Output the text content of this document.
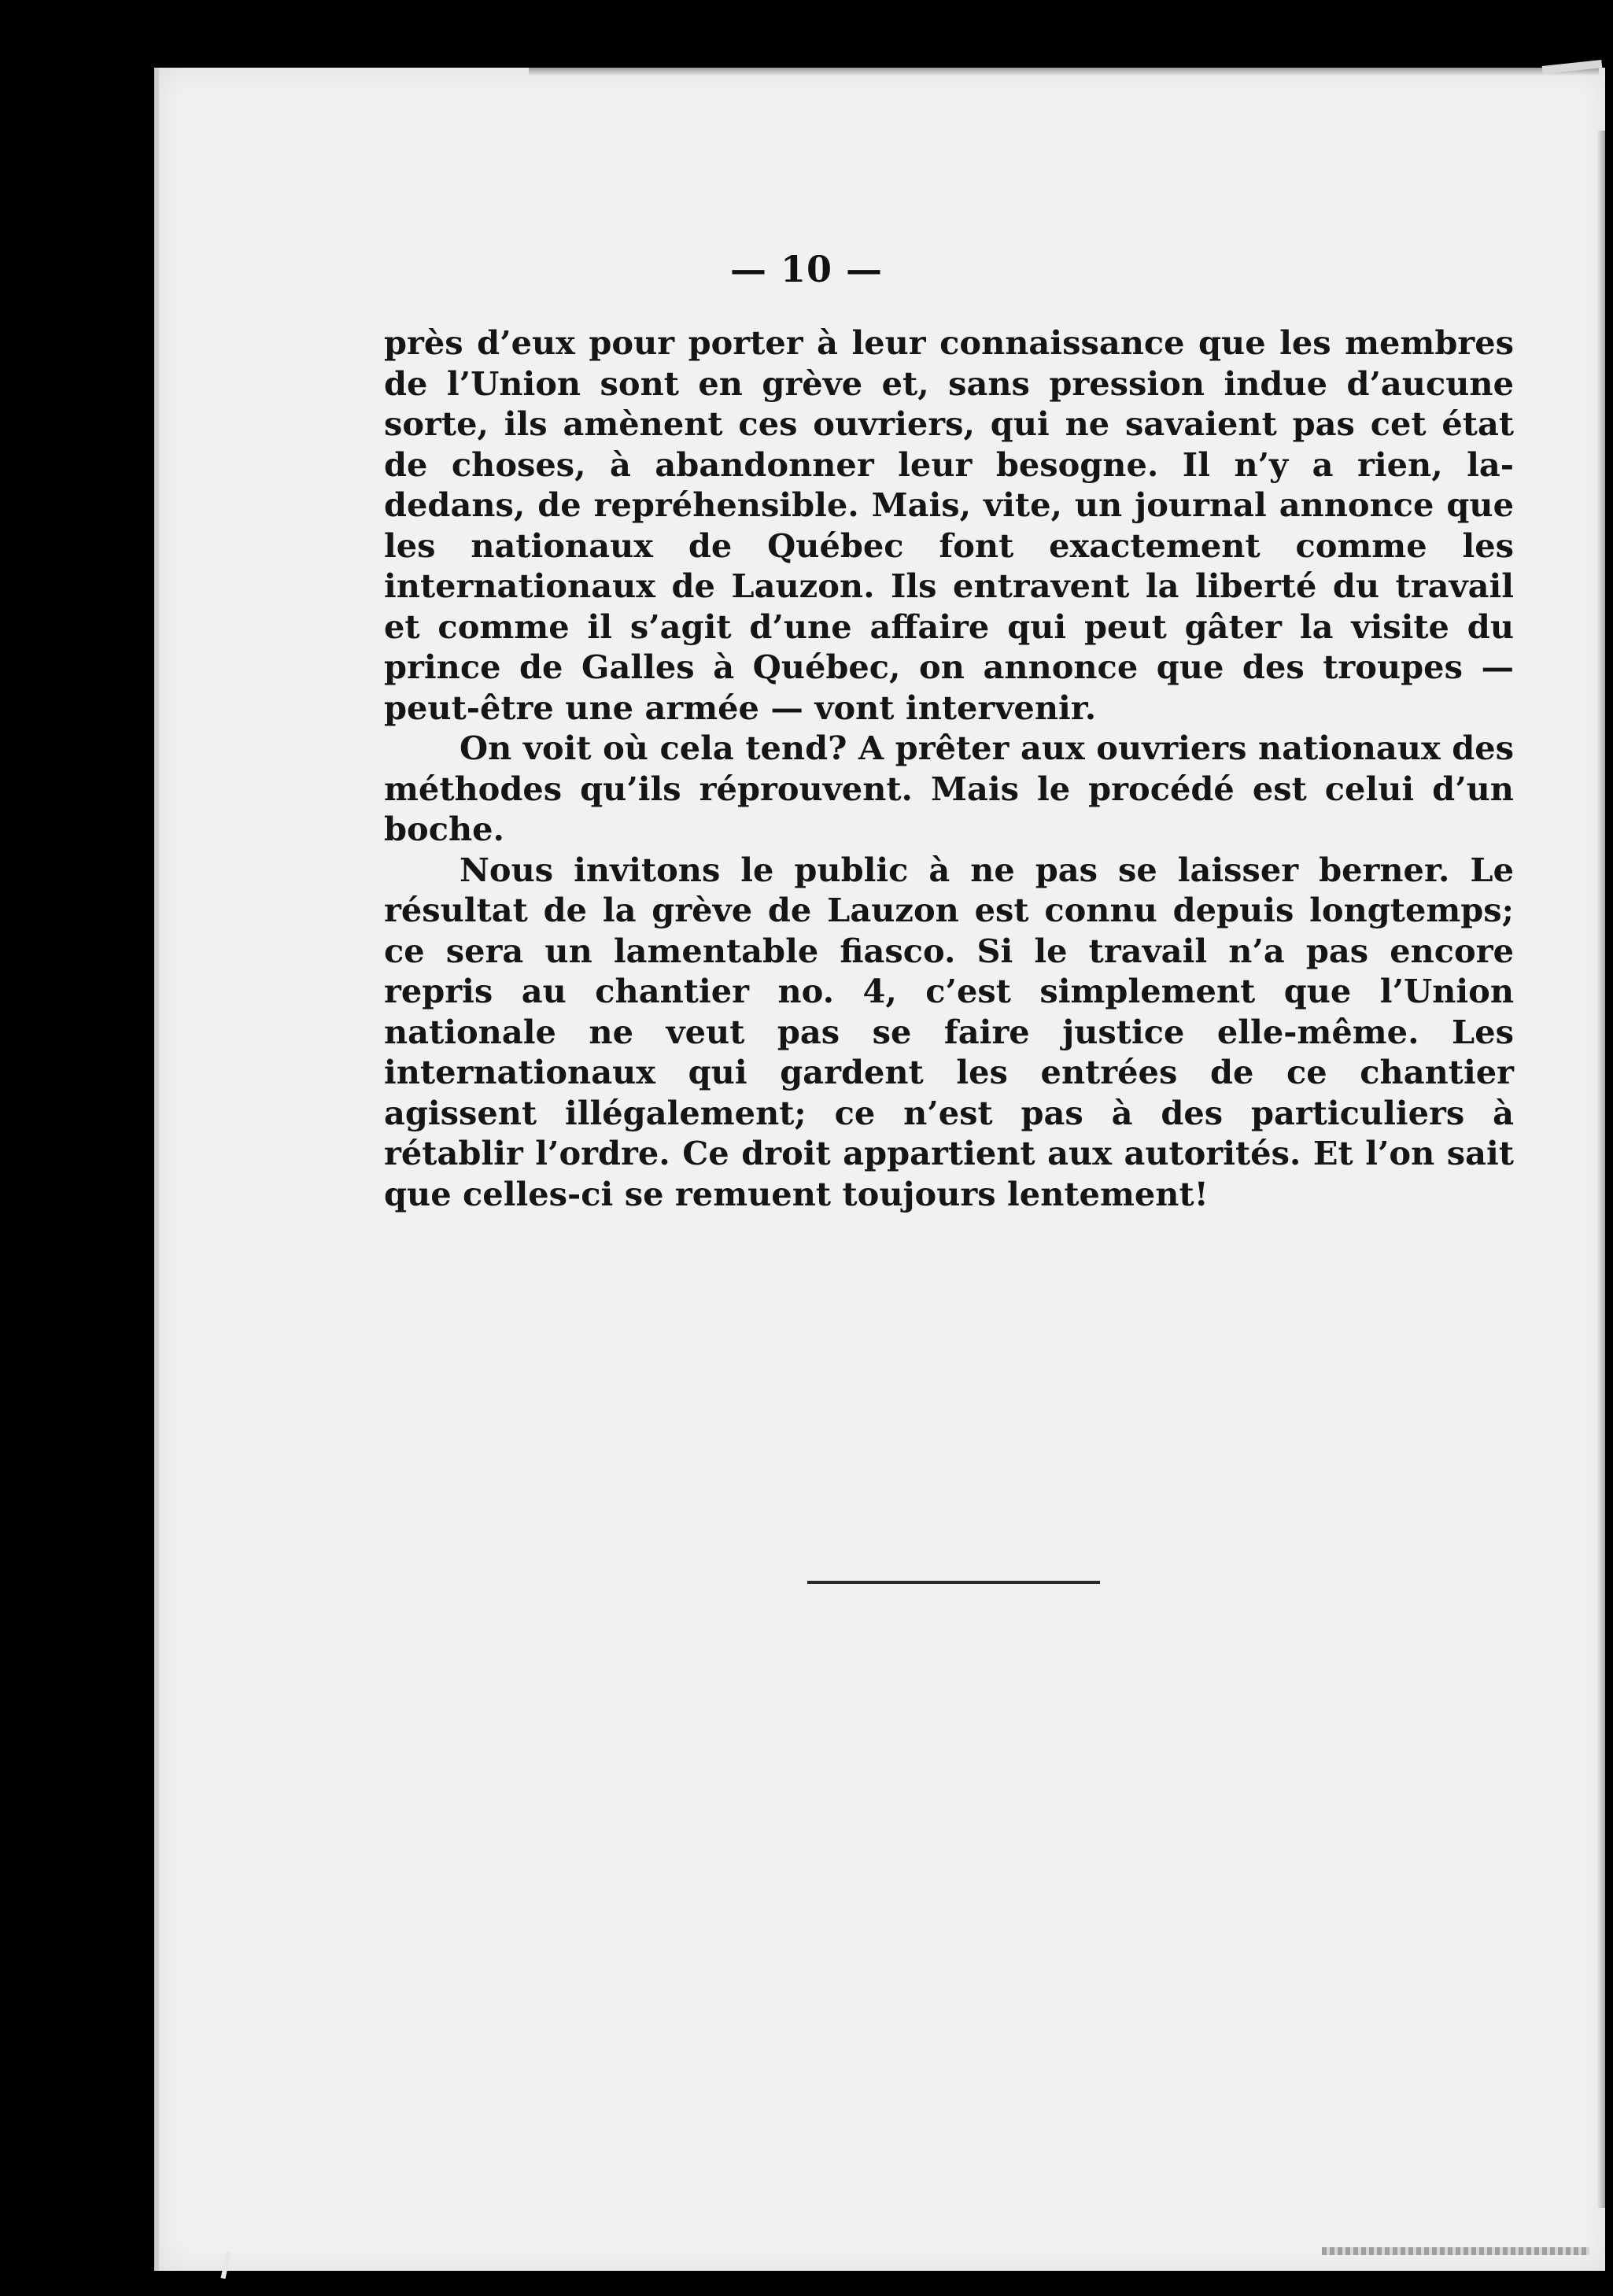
— 10 —

près d’eux pour porter à leur connaissance que les membres de l’Union sont en grève et, sans pression indue d’aucune sorte, ils amènent ces ouvriers, qui ne savaient pas cet état de choses, à abandonner leur besogne. Il n’y a rien, la-dedans, de repréhensible. Mais, vite, un journal annonce que les nationaux de Québec font exactement comme les internationaux de Lauzon. Ils entravent la liberté du travail et comme il s’agit d’une affaire qui peut gâter la visite du prince de Galles à Québec, on annonce que des troupes — peut-être une armée — vont intervenir.

On voit où cela tend? A prêter aux ouvriers nationaux des méthodes qu’ils réprouvent. Mais le procédé est celui d’un boche.

Nous invitons le public à ne pas se laisser berner. Le résultat de la grève de Lauzon est connu depuis longtemps; ce sera un lamentable fiasco. Si le travail n’a pas encore repris au chantier no. 4, c’est simplement que l’Union nationale ne veut pas se faire justice elle-même. Les internationaux qui gardent les entrées de ce chantier agissent illégalement; ce n’est pas à des particuliers à rétablir l’ordre. Ce droit appartient aux autorités. Et l’on sait que celles-ci se remuent toujours lentement!
